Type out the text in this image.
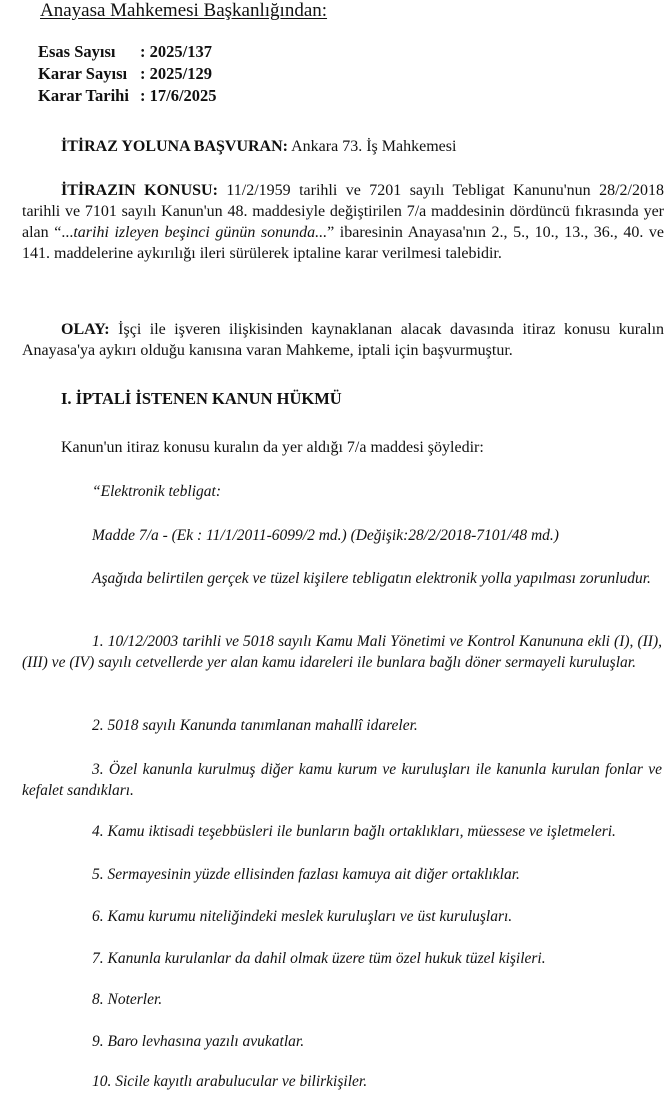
Anayasa Mahkemesi Başkanlığından:
Esas Sayısı : 2025/137
Karar Sayısı : 2025/129
Karar Tarihi : 17/6/2025
İTİRAZ YOLUNA BAŞVURAN: Ankara 73. İş Mahkemesi

İTİRAZIN KONUSU: 11/2/1959 tarihli ve 7201 sayılı Tebligat Kanunu'nun 28/2/2018 tarihli ve 7101 sayılı Kanun'un 48. maddesiyle değiştirilen 7/a maddesinin dördüncü fıkrasında yer alan “...tarihi izleyen beşinci günün sonunda...” ibaresinin Anayasa'nın 2., 5., 10., 13., 36., 40. ve 141. maddelerine aykırılığı ileri sürülerek iptaline karar verilmesi talebidir.

OLAY: İşçi ile işveren ilişkisinden kaynaklanan alacak davasında itiraz konusu kuralın Anayasa'ya aykırı olduğu kanısına varan Mahkeme, iptali için başvurmuştur.

I. İPTALİ İSTENEN KANUN HÜKMÜ
Kanun'un itiraz konusu kuralın da yer aldığı 7/a maddesi şöyledir:
“Elektronik tebligat:
Madde 7/a - (Ek : 11/1/2011-6099/2 md.) (Değişik:28/2/2018-7101/48 md.)

Aşağıda belirtilen gerçek ve tüzel kişilere tebligatın elektronik yolla yapılması zorunludur.

1. 10/12/2003 tarihli ve 5018 sayılı Kamu Mali Yönetimi ve Kontrol Kanununa ekli (I), (II), (III) ve (IV) sayılı cetvellerde yer alan kamu idareleri ile bunlara bağlı döner sermayeli kuruluşlar.

2. 5018 sayılı Kanunda tanımlanan mahallî idareler.

3. Özel kanunla kurulmuş diğer kamu kurum ve kuruluşları ile kanunla kurulan fonlar ve kefalet sandıkları.

4. Kamu iktisadi teşebbüsleri ile bunların bağlı ortaklıkları, müessese ve işletmeleri.
5. Sermayesinin yüzde ellisinden fazlası kamuya ait diğer ortaklıklar.
6. Kamu kurumu niteliğindeki meslek kuruluşları ve üst kuruluşları.
7. Kanunla kurulanlar da dahil olmak üzere tüm özel hukuk tüzel kişileri.
8. Noterler.
9. Baro levhasına yazılı avukatlar.
10. Sicile kayıtlı arabulucular ve bilirkişiler.
